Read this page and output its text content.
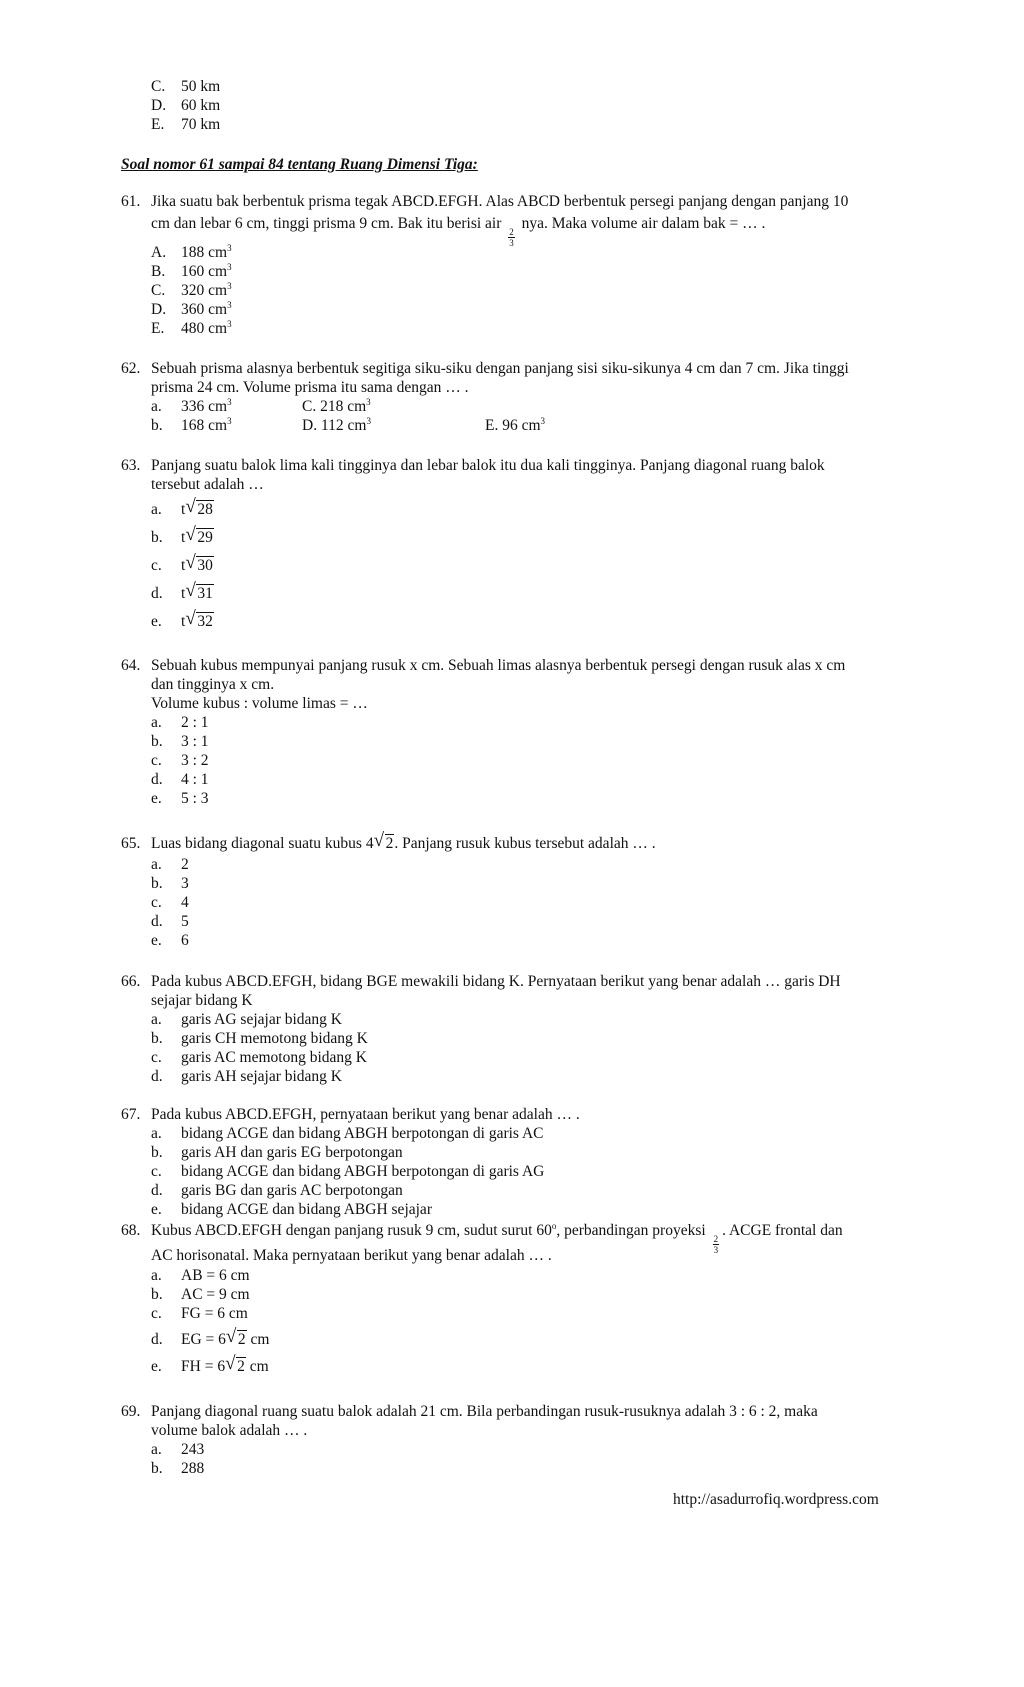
C. 50 km
D. 60 km
E. 70 km
Soal nomor 61 sampai 84 tentang Ruang Dimensi Tiga:
61. Jika suatu bak berbentuk prisma tegak ABCD.EFGH. Alas ABCD berbentuk persegi panjang dengan panjang 10
cm dan lebar 6 cm, tinggi prisma 9 cm. Bak itu berisi air
$\frac{2}{3}$
nya. Maka volume air dalam bak = … .
A. 188 $cm^3$
B. 160 $cm^3$
C. 320 $cm^3$
D. 360 $cm^3$
E. 480 $cm^3$
62. Sebuah prisma alasnya berbentuk segitiga siku-siku dengan panjang sisi siku-sikunya 4 cm dan 7 cm. Jika tinggi
prisma 24 cm. Volume prisma itu sama dengan … .
a. 336 $cm^3$	C. 218 $cm^3$
b. 168 $cm^3$	D. 112 $cm^3$	E. 96 $cm^3$
63. Panjang suatu balok lima kali tingginya dan lebar balok itu dua kali tingginya. Panjang diagonal ruang balok
tersebut adalah …
a. t √ 28
b. t √ 29
c. t √ 30
d. t √ 31
e. t √ 32
64. Sebuah kubus mempunyai panjang rusuk x cm. Sebuah limas alasnya berbentuk persegi dengan rusuk alas x cm
dan tingginya x cm.
Volume kubus : volume limas = …
a. 2 : 1
b. 3 : 1
c. 3 : 2
d. 4 : 1
e. 5 : 3
65. Luas bidang diagonal suatu kubus 4 √ 2. Panjang rusuk kubus tersebut adalah … .
a. 2
b. 3
c. 4
d. 5
e. 6
66. Pada kubus ABCD.EFGH, bidang BGE mewakili bidang K. Pernyataan berikut yang benar adalah … garis DH
sejajar bidang K
a. garis AG sejajar bidang K
b. garis CH memotong bidang K
c. garis AC memotong bidang K
d. garis AH sejajar bidang K
67. Pada kubus ABCD.EFGH, pernyataan berikut yang benar adalah … .
a. bidang ACGE dan bidang ABGH berpotongan di garis AC
b. garis AH dan garis EG berpotongan
c. bidang ACGE dan bidang ABGH berpotongan di garis AG
d. garis BG dan garis AC berpotongan
e. bidang ACGE dan bidang ABGH sejajar
68. Kubus ABCD.EFGH dengan panjang rusuk 9 cm, sudut surut 60$^o$, perbandingan proyeksi
$\frac{2}{3}$
. ACGE frontal dan
AC horisonatal. Maka pernyataan berikut yang benar adalah … .
a. AB = 6 cm
b. AC = 9 cm
c. FG = 6 cm
d. EG = 6 √ 2 cm
e. FH = 6 √ 2 cm
69. Panjang diagonal ruang suatu balok adalah 21 cm. Bila perbandingan rusuk-rusuknya adalah 3 : 6 : 2, maka
volume balok adalah … .
a. 243
b. 288
http://asadurrofiq.wordpress.com
